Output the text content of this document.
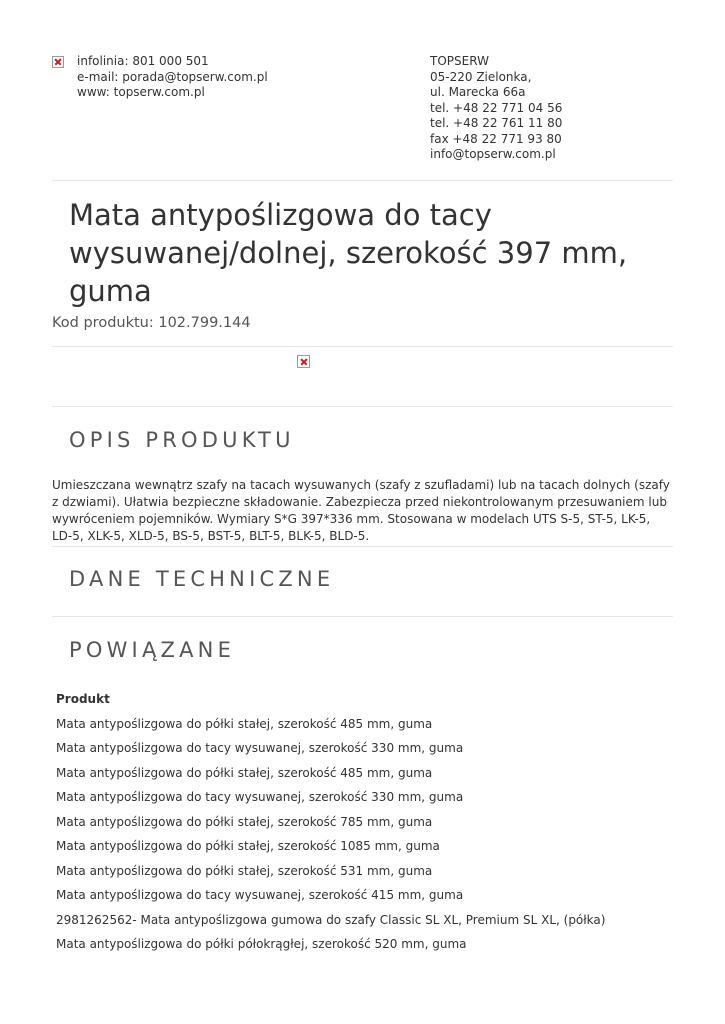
infolinia: 801 000 501
e-mail: porada@topserw.com.pl
www: topserw.com.pl
TOPSERW
05-220 Zielonka,
ul. Marecka 66a
tel. +48 22 771 04 56
tel. +48 22 761 11 80
fax +48 22 771 93 80
info@topserw.com.pl
Mata antypoślizgowa do tacy wysuwanej/dolnej, szerokość 397 mm, guma
Kod produktu: 102.799.144
OPIS PRODUKTU

Umieszczana wewnątrz szafy na tacach wysuwanych (szafy z szufladami) lub na tacach dolnych (szafy z dzwiami). Ułatwia bezpieczne składowanie. Zabezpiecza przed niekontrolowanym przesuwaniem lub wywróceniem pojemników. Wymiary S*G 397*336 mm. Stosowana w modelach UTS S-5, ST-5, LK-5, LD-5, XLK-5, XLD-5, BS-5, BST-5, BLT-5, BLK-5, BLD-5.

DANE TECHNICZNE
POWIĄZANE
Produkt
Mata antypoślizgowa do półki stałej, szerokość 485 mm, guma
Mata antypoślizgowa do tacy wysuwanej, szerokość 330 mm, guma
Mata antypoślizgowa do półki stałej, szerokość 485 mm, guma
Mata antypoślizgowa do tacy wysuwanej, szerokość 330 mm, guma
Mata antypoślizgowa do półki stałej, szerokość 785 mm, guma
Mata antypoślizgowa do półki stałej, szerokość 1085 mm, guma
Mata antypoślizgowa do półki stałej, szerokość 531 mm, guma
Mata antypoślizgowa do tacy wysuwanej, szerokość 415 mm, guma
2981262562- Mata antypoślizgowa gumowa do szafy Classic SL XL, Premium SL XL, (półka)
Mata antypoślizgowa do półki półokrągłej, szerokość 520 mm, guma
